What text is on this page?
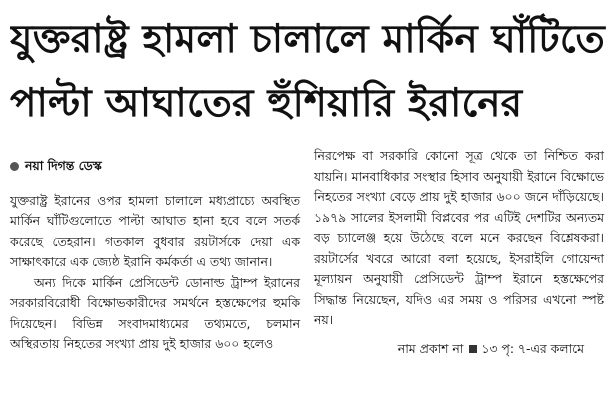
যুক্তরাষ্ট্র হামলা চালালে মার্কিন ঘাঁটিতে
পাল্টা আঘাতের হুঁশিয়ারি ইরানের
নয়া দিগন্ত ডেস্ক

যুক্তরাষ্ট্র ইরানের ওপর হামলা চালালে মধ্যপ্রাচ্যে অবস্থিত মার্কিন ঘাঁটিগুলোতে পাল্টা আঘাত হানা হবে বলে সতর্ক করেছে তেহরান। গতকাল বুধবার রয়টার্সকে দেয়া এক সাক্ষাৎকারে এক জ্যেষ্ঠ ইরানি কর্মকর্তা এ তথ্য জানান।

অন্য দিকে মার্কিন প্রেসিডেন্ট ডোনাল্ড ট্রাম্প ইরানের সরকারবিরোধী বিক্ষোভকারীদের সমর্থনে হস্তক্ষেপের হুমকি দিয়েছেন। বিভিন্ন সংবাদমাধ্যমের তথ্যমতে, চলমান অস্থিরতায় নিহতের সংখ্যা প্রায় দুই হাজার ৬০০ হলেও

নিরপেক্ষ বা সরকারি কোনো সূত্র থেকে তা নিশ্চিত করা যায়নি। মানবাধিকার সংস্থার হিসাব অনুযায়ী ইরানে বিক্ষোভে নিহতের সংখ্যা বেড়ে প্রায় দুই হাজার ৬০০ জনে দাঁড়িয়েছে। ১৯৭৯ সালের ইসলামী বিপ্লবের পর এটিই দেশটির অন্যতম বড় চ্যালেঞ্জ হয়ে উঠেছে বলে মনে করছেন বিশ্লেষকরা। রয়টার্সের খবরে আরো বলা হয়েছে, ইসরাইলি গোয়েন্দা মূল্যায়ন অনুযায়ী প্রেসিডেন্ট ট্রাম্প ইরানে হস্তক্ষেপের সিদ্ধান্ত নিয়েছেন, যদিও এর সময় ও পরিসর এখনো স্পষ্ট নয়।

নাম প্রকাশ না ১৩ পৃ: ৭-এর কলামে
